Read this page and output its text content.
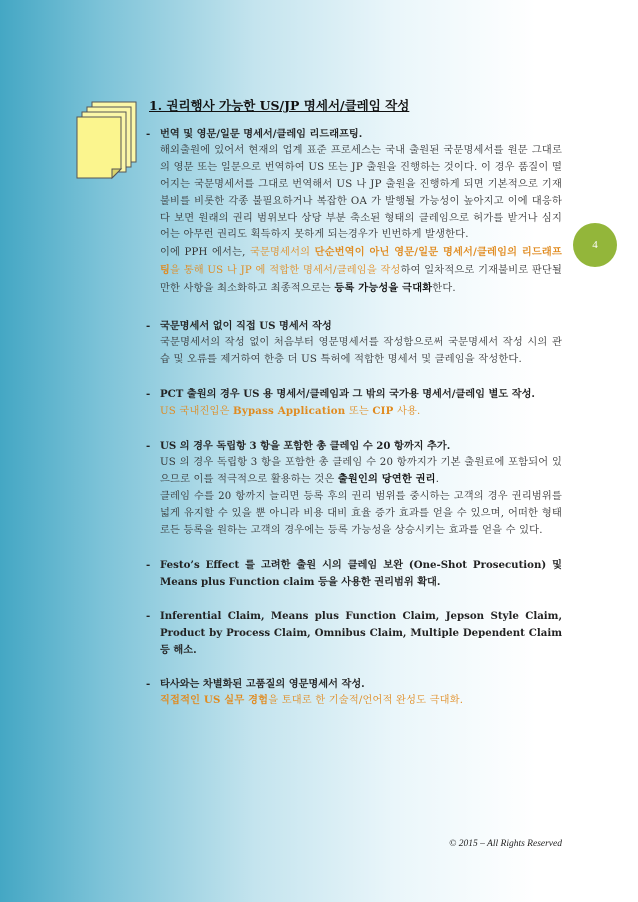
4
1. 권리행사 가능한 US/JP 명세서/클레임 작성
- 번역 및 영문/일문 명세서/클레임 리드래프팅.
해외출원에 있어서 현재의 업계 표준 프로세스는 국내 출원된 국문명세서를 원문 그대로의 영문 또는 일문으로 번역하여 US 또는 JP 출원을 진행하는 것이다. 이 경우 품질이 떨어지는 국문명세서를 그대로 번역해서 US 나 JP 출원을 진행하게 되면 기본적으로 기재불비를 비롯한 각종 불필요하거나 복잡한 OA 가 발행될 가능성이 높아지고 이에 대응하다 보면 원래의 권리 범위보다 상당 부분 축소된 형태의 클레임으로 허가를 받거나 심지어는 아무런 권리도 획득하지 못하게 되는경우가 빈번하게 발생한다.
이에 PPH 에서는, 국문명세서의 단순번역이 아닌 영문/일문 명세서/클레임의 리드래프팅을 통해 US 나 JP 에 적합한 명세서/클레임을 작성하여 일차적으로 기재불비로 판단될만한 사항을 최소화하고 최종적으로는 등록 가능성을 극대화한다.
- 국문명세서 없이 직접 US 명세서 작성
국문명세서의 작성 없이 처음부터 영문명세서를 작성함으로써 국문명세서 작성 시의 관습 및 오류를 제거하여 한층 더 US 특허에 적합한 명세서 및 클레임을 작성한다.
- PCT 출원의 경우 US 용 명세서/클레임과 그 밖의 국가용 명세서/클레임 별도 작성.
US 국내진입은 Bypass Application 또는 CIP 사용.
- US 의 경우 독립항 3 항을 포함한 총 클레임 수 20 항까지 추가.
US 의 경우 독립항 3 항을 포함한 총 클레임 수 20 항까지가 기본 출원료에 포함되어 있으므로 이를 적극적으로 활용하는 것은 출원인의 당연한 권리.
클레임 수를 20 항까지 늘리면 등록 후의 권리 범위를 중시하는 고객의 경우 권리범위를 넓게 유지할 수 있을 뿐 아니라 비용 대비 효율 증가 효과를 얻을 수 있으며, 어떠한 형태로든 등록을 원하는 고객의 경우에는 등록 가능성을 상승시키는 효과를 얻을 수 있다.
- Festo’s Effect 를 고려한 출원 시의 클레임 보완 (One-Shot Prosecution) 및 Means plus Function claim 등을 사용한 권리범위 확대.
- Inferential Claim, Means plus Function Claim, Jepson Style Claim, Product by Process Claim, Omnibus Claim, Multiple Dependent Claim 등 해소.
- 타사와는 차별화된 고품질의 영문명세서 작성.
직접적인 US 실무 경험을 토대로 한 기술적/언어적 완성도 극대화.
© 2015 – All Rights Reserved
